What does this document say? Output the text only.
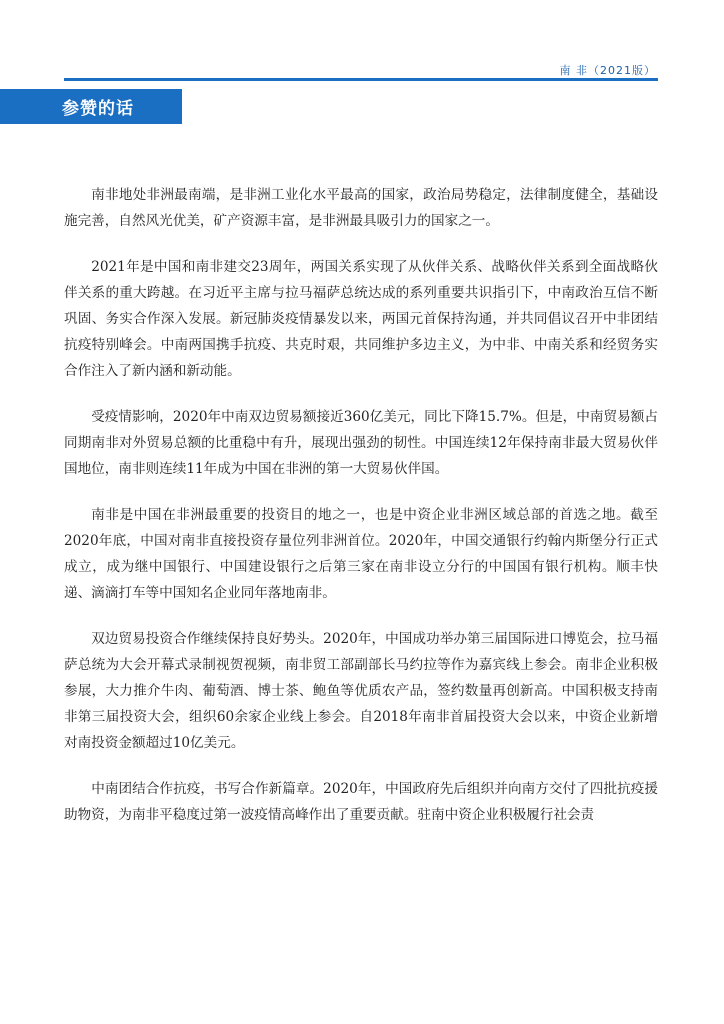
南 非（2021版）
参赞的话

南非地处非洲最南端，是非洲工业化水平最高的国家，政治局势稳定，法律制度健全，基础设施完善，自然风光优美，矿产资源丰富，是非洲最具吸引力的国家之一。

2021年是中国和南非建交23周年，两国关系实现了从伙伴关系、战略伙伴关系到全面战略伙伴关系的重大跨越。在习近平主席与拉马福萨总统达成的系列重要共识指引下，中南政治互信不断巩固、务实合作深入发展。新冠肺炎疫情暴发以来，两国元首保持沟通，并共同倡议召开中非团结抗疫特别峰会。中南两国携手抗疫、共克时艰，共同维护多边主义，为中非、中南关系和经贸务实合作注入了新内涵和新动能。

受疫情影响，2020年中南双边贸易额接近360亿美元，同比下降15.7%。但是，中南贸易额占同期南非对外贸易总额的比重稳中有升，展现出强劲的韧性。中国连续12年保持南非最大贸易伙伴国地位，南非则连续11年成为中国在非洲的第一大贸易伙伴国。

南非是中国在非洲最重要的投资目的地之一，也是中资企业非洲区域总部的首选之地。截至2020年底，中国对南非直接投资存量位列非洲首位。2020年，中国交通银行约翰内斯堡分行正式成立，成为继中国银行、中国建设银行之后第三家在南非设立分行的中国国有银行机构。顺丰快递、滴滴打车等中国知名企业同年落地南非。

双边贸易投资合作继续保持良好势头。2020年，中国成功举办第三届国际进口博览会，拉马福萨总统为大会开幕式录制视贺视频，南非贸工部副部长马约拉等作为嘉宾线上参会。南非企业积极参展，大力推介牛肉、葡萄酒、博士茶、鲍鱼等优质农产品，签约数量再创新高。中国积极支持南非第三届投资大会，组织60余家企业线上参会。自2018年南非首届投资大会以来，中资企业新增对南投资金额超过10亿美元。

中南团结合作抗疫，书写合作新篇章。2020年，中国政府先后组织并向南方交付了四批抗疫援助物资，为南非平稳度过第一波疫情高峰作出了重要贡献。驻南中资企业积极履行社会责
